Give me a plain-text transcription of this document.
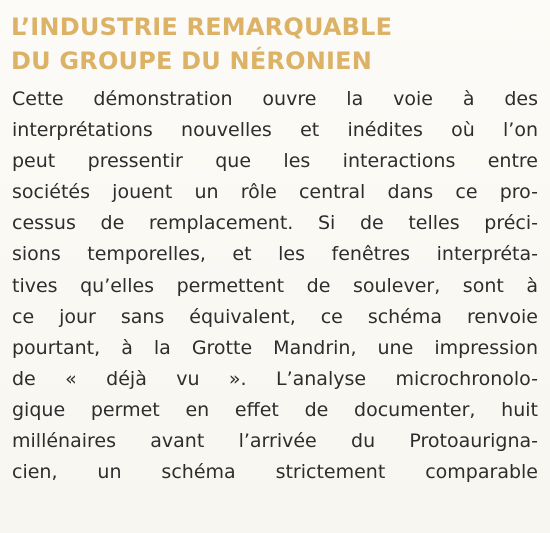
L’INDUSTRIE REMARQUABLE
DU GROUPE DU NÉRONIEN
Cette démonstration ouvre la voie à des
interprétations nouvelles et inédites où l’on
peut pressentir que les interactions entre
sociétés jouent un rôle central dans ce pro-
cessus de remplacement. Si de telles préci-
sions temporelles, et les fenêtres interpréta-
tives qu’elles permettent de soulever, sont à
ce jour sans équivalent, ce schéma renvoie
pourtant, à la Grotte Mandrin, une impression
de « déjà vu ». L’analyse microchronolo-
gique permet en effet de documenter, huit
millénaires avant l’arrivée du Protoaurigna-
cien, un schéma strictement comparable
